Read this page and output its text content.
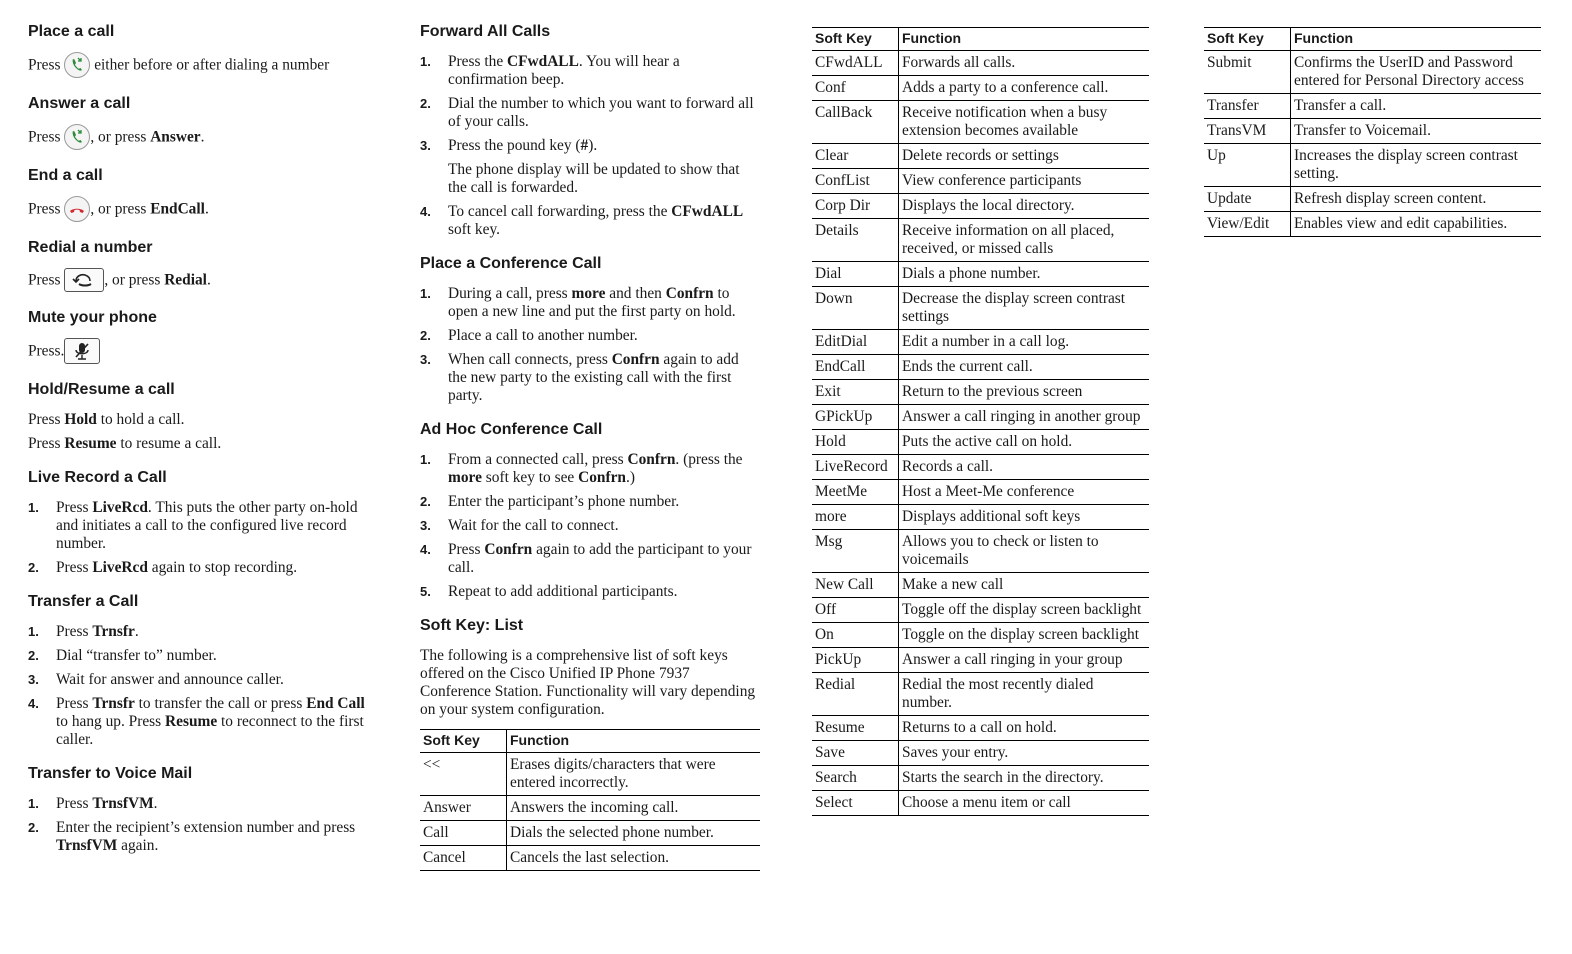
Place a call
Press  either before or after dialing a number
Answer a call
Press , or press Answer.
End a call
Press , or press EndCall.
Redial a number
Press	, or press Redial.
Mute your phone
Press.
Hold/Resume a call
Press Hold to hold a call.
Press Resume to resume a call.
Live Record a Call
1. Press LiveRcd. This puts the other party on-hold and initiates a call to the configured live record number.
2. Press LiveRcd again to stop recording.
Transfer a Call
1. Press Trnsfr.
2. Dial “transfer to” number.
3. Wait for answer and announce caller.
4. Press Trnsfr to transfer the call or press End Call to hang up. Press Resume to reconnect to the first caller.
Transfer to Voice Mail
1. Press TrnsfVM.
2. Enter the recipient’s extension number and press TrnsfVM again.
Forward All Calls
1. Press the CFwdALL. You will hear a confirmation beep.
2. Dial the number to which you want to forward all of your calls.
3. Press the pound key (#).
The phone display will be updated to show that the call is forwarded.
4. To cancel call forwarding, press the CFwdALL soft key.
Place a Conference Call
1. During a call, press more and then Confrn to open a new line and put the first party on hold.
2. Place a call to another number.
3. When call connects, press Confrn again to add the new party to the existing call with the first party.
Ad Hoc Conference Call
1. From a connected call, press Confrn. (press the more soft key to see Confrn.)
2. Enter the participant’s phone number.
3. Wait for the call to connect.
4. Press Confrn again to add the participant to your call.
5. Repeat to add additional participants.
Soft Key: List
The following is a comprehensive list of soft keys offered on the Cisco Unified IP Phone 7937 Conference Station. Functionality will vary depending on your system configuration.
Soft Key	Function
<<	Erases digits/characters that were entered incorrectly.
Answer	Answers the incoming call.
Call	Dials the selected phone number.
Cancel	Cancels the last selection.
Soft Key	Function
CFwdALL	Forwards all calls.
Conf	Adds a party to a conference call.
CallBack	Receive notification when a busy extension becomes available
Clear	Delete records or settings
ConfList	View conference participants
Corp Dir	Displays the local directory.
Details	Receive information on all placed, received, or missed calls
Dial	Dials a phone number.
Down	Decrease the display screen contrast settings
EditDial	Edit a number in a call log.
EndCall	Ends the current call.
Exit	Return to the previous screen
GPickUp	Answer a call ringing in another group
Hold	Puts the active call on hold.
LiveRecord	Records a call.
MeetMe	Host a Meet-Me conference
more	Displays additional soft keys
Msg	Allows you to check or listen to voicemails
New Call	Make a new call
Off	Toggle off the display screen backlight
On	Toggle on the display screen backlight
PickUp	Answer a call ringing in your group
Redial	Redial the most recently dialed number.
Resume	Returns to a call on hold.
Save	Saves your entry.
Search	Starts the search in the directory.
Select	Choose a menu item or call
Soft Key	Function
Submit	Confirms the UserID and Password entered for Personal Directory access
Transfer	Transfer a call.
TransVM	Transfer to Voicemail.
Up	Increases the display screen contrast setting.
Update	Refresh display screen content.
View/Edit	Enables view and edit capabilities.
